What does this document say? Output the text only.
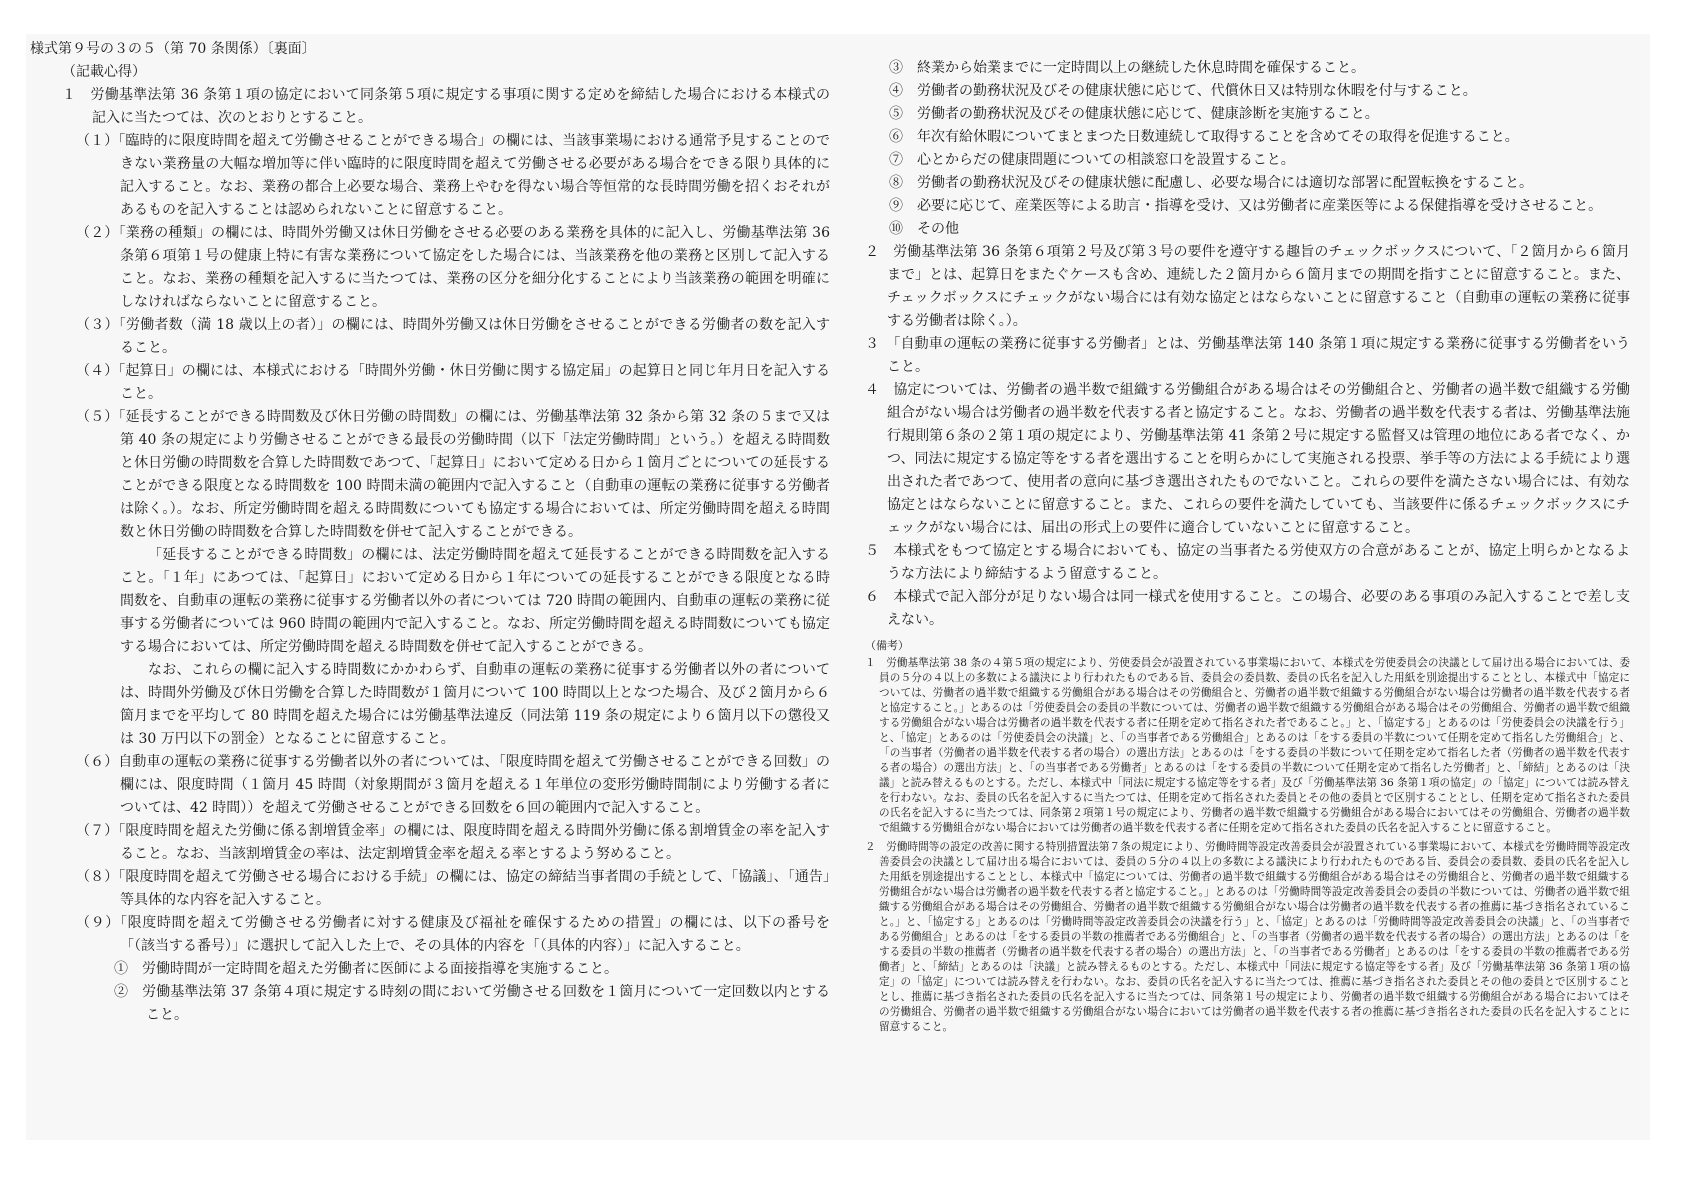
様式第９号の３の５（第 70 条関係）〔裏面〕

（記載心得）

１　労働基準法第 36 条第１項の協定において同条第５項に規定する事項に関する定めを締結した場合における本様式の記入に当たつては、次のとおりとすること。

（１）「臨時的に限度時間を超えて労働させることができる場合」の欄には、当該事業場における通常予見することのできない業務量の大幅な増加等に伴い臨時的に限度時間を超えて労働させる必要がある場合をできる限り具体的に記入すること。なお、業務の都合上必要な場合、業務上やむを得ない場合等恒常的な長時間労働を招くおそれがあるものを記入することは認められないことに留意すること。

（２）「業務の種類」の欄には、時間外労働又は休日労働をさせる必要のある業務を具体的に記入し、労働基準法第 36 条第６項第１号の健康上特に有害な業務について協定をした場合には、当該業務を他の業務と区別して記入すること。なお、業務の種類を記入するに当たつては、業務の区分を細分化することにより当該業務の範囲を明確にしなければならないことに留意すること。

（３）「労働者数（満 18 歳以上の者）」の欄には、時間外労働又は休日労働をさせることができる労働者の数を記入すること。

（４）「起算日」の欄には、本様式における「時間外労働・休日労働に関する協定届」の起算日と同じ年月日を記入すること。

（５）「延長することができる時間数及び休日労働の時間数」の欄には、労働基準法第 32 条から第 32 条の５まで又は第 40 条の規定により労働させることができる最長の労働時間（以下「法定労働時間」という。）を超える時間数と休日労働の時間数を合算した時間数であつて、「起算日」において定める日から１箇月ごとについての延長することができる限度となる時間数を 100 時間未満の範囲内で記入すること（自動車の運転の業務に従事する労働者は除く。）。なお、所定労働時間を超える時間数についても協定する場合においては、所定労働時間を超える時間数と休日労働の時間数を合算した時間数を併せて記入することができる。

「延長することができる時間数」の欄には、法定労働時間を超えて延長することができる時間数を記入すること。「１年」にあつては、「起算日」において定める日から１年についての延長することができる限度となる時間数を、自動車の運転の業務に従事する労働者以外の者については 720 時間の範囲内、自動車の運転の業務に従事する労働者については 960 時間の範囲内で記入すること。なお、所定労働時間を超える時間数についても協定する場合においては、所定労働時間を超える時間数を併せて記入することができる。

なお、これらの欄に記入する時間数にかかわらず、自動車の運転の業務に従事する労働者以外の者については、時間外労働及び休日労働を合算した時間数が１箇月について 100 時間以上となつた場合、及び２箇月から６箇月までを平均して 80 時間を超えた場合には労働基準法違反（同法第 119 条の規定により６箇月以下の懲役又は 30 万円以下の罰金）となることに留意すること。

（６）自動車の運転の業務に従事する労働者以外の者については、「限度時間を超えて労働させることができる回数」の欄には、限度時間（１箇月 45 時間（対象期間が３箇月を超える１年単位の変形労働時間制により労働する者については、42 時間））を超えて労働させることができる回数を６回の範囲内で記入すること。

（７）「限度時間を超えた労働に係る割増賃金率」の欄には、限度時間を超える時間外労働に係る割増賃金の率を記入すること。なお、当該割増賃金の率は、法定割増賃金率を超える率とするよう努めること。

（８）「限度時間を超えて労働させる場合における手続」の欄には、協定の締結当事者間の手続として、「協議」、「通告」等具体的な内容を記入すること。

（９）「限度時間を超えて労働させる労働者に対する健康及び福祉を確保するための措置」の欄には、以下の番号を「（該当する番号）」に選択して記入した上で、その具体的内容を「（具体的内容）」に記入すること。

①　労働時間が一定時間を超えた労働者に医師による面接指導を実施すること。

②　労働基準法第 37 条第４項に規定する時刻の間において労働させる回数を１箇月について一定回数以内とすること。

③　終業から始業までに一定時間以上の継続した休息時間を確保すること。

④　労働者の勤務状況及びその健康状態に応じて、代償休日又は特別な休暇を付与すること。

⑤　労働者の勤務状況及びその健康状態に応じて、健康診断を実施すること。

⑥　年次有給休暇についてまとまつた日数連続して取得することを含めてその取得を促進すること。

⑦　心とからだの健康問題についての相談窓口を設置すること。

⑧　労働者の勤務状況及びその健康状態に配慮し、必要な場合には適切な部署に配置転換をすること。

⑨　必要に応じて、産業医等による助言・指導を受け、又は労働者に産業医等による保健指導を受けさせること。

⑩　その他

２　労働基準法第 36 条第６項第２号及び第３号の要件を遵守する趣旨のチェックボックスについて、「２箇月から６箇月まで」とは、起算日をまたぐケースも含め、連続した２箇月から６箇月までの期間を指すことに留意すること。また、チェックボックスにチェックがない場合には有効な協定とはならないことに留意すること（自動車の運転の業務に従事する労働者は除く。）。

３　「自動車の運転の業務に従事する労働者」とは、労働基準法第 140 条第１項に規定する業務に従事する労働者をいうこと。

４　協定については、労働者の過半数で組織する労働組合がある場合はその労働組合と、労働者の過半数で組織する労働組合がない場合は労働者の過半数を代表する者と協定すること。なお、労働者の過半数を代表する者は、労働基準法施行規則第６条の２第１項の規定により、労働基準法第 41 条第２号に規定する監督又は管理の地位にある者でなく、かつ、同法に規定する協定等をする者を選出することを明らかにして実施される投票、挙手等の方法による手続により選出された者であつて、使用者の意向に基づき選出されたものでないこと。これらの要件を満たさない場合には、有効な協定とはならないことに留意すること。また、これらの要件を満たしていても、当該要件に係るチェックボックスにチェックがない場合には、届出の形式上の要件に適合していないことに留意すること。

５　本様式をもつて協定とする場合においても、協定の当事者たる労使双方の合意があることが、協定上明らかとなるような方法により締結するよう留意すること。

６　本様式で記入部分が足りない場合は同一様式を使用すること。この場合、必要のある事項のみ記入することで差し支えない。

（備考）

１　労働基準法第 38 条の４第５項の規定により、労使委員会が設置されている事業場において、本様式を労使委員会の決議として届け出る場合においては、委員の５分の４以上の多数による議決により行われたものである旨、委員会の委員数、委員の氏名を記入した用紙を別途提出することとし、本様式中「協定については、労働者の過半数で組織する労働組合がある場合はその労働組合と、労働者の過半数で組織する労働組合がない場合は労働者の過半数を代表する者と協定すること。」とあるのは「労使委員会の委員の半数については、労働者の過半数で組織する労働組合がある場合はその労働組合、労働者の過半数で組織する労働組合がない場合は労働者の過半数を代表する者に任期を定めて指名された者であること。」と、「協定する」とあるのは「労使委員会の決議を行う」と、「協定」とあるのは「労使委員会の決議」と、「の当事者である労働組合」とあるのは「をする委員の半数について任期を定めて指名した労働組合」と、「の当事者（労働者の過半数を代表する者の場合）の選出方法」とあるのは「をする委員の半数について任期を定めて指名した者（労働者の過半数を代表する者の場合）の選出方法」と、「の当事者である労働者」とあるのは「をする委員の半数について任期を定めて指名した労働者」と、「締結」とあるのは「決議」と読み替えるものとする。ただし、本様式中「同法に規定する協定等をする者」及び「労働基準法第 36 条第１項の協定」の「協定」については読み替えを行わない。なお、委員の氏名を記入するに当たつては、任期を定めて指名された委員とその他の委員とで区別することとし、任期を定めて指名された委員の氏名を記入するに当たつては、同条第２項第１号の規定により、労働者の過半数で組織する労働組合がある場合においてはその労働組合、労働者の過半数で組織する労働組合がない場合においては労働者の過半数を代表する者に任期を定めて指名された委員の氏名を記入することに留意すること。

２　労働時間等の設定の改善に関する特別措置法第７条の規定により、労働時間等設定改善委員会が設置されている事業場において、本様式を労働時間等設定改善委員会の決議として届け出る場合においては、委員の５分の４以上の多数による議決により行われたものである旨、委員会の委員数、委員の氏名を記入した用紙を別途提出することとし、本様式中「協定については、労働者の過半数で組織する労働組合がある場合はその労働組合と、労働者の過半数で組織する労働組合がない場合は労働者の過半数を代表する者と協定すること。」とあるのは「労働時間等設定改善委員会の委員の半数については、労働者の過半数で組織する労働組合がある場合はその労働組合、労働者の過半数で組織する労働組合がない場合は労働者の過半数を代表する者の推薦に基づき指名されていること。」と、「協定する」とあるのは「労働時間等設定改善委員会の決議を行う」と、「協定」とあるのは「労働時間等設定改善委員会の決議」と、「の当事者である労働組合」とあるのは「をする委員の半数の推薦者である労働組合」と、「の当事者（労働者の過半数を代表する者の場合）の選出方法」とあるのは「をする委員の半数の推薦者（労働者の過半数を代表する者の場合）の選出方法」と、「の当事者である労働者」とあるのは「をする委員の半数の推薦者である労働者」と、「締結」とあるのは「決議」と読み替えるものとする。ただし、本様式中「同法に規定する協定等をする者」及び「労働基準法第 36 条第１項の協定」の「協定」については読み替えを行わない。なお、委員の氏名を記入するに当たつては、推薦に基づき指名された委員とその他の委員とで区別することとし、推薦に基づき指名された委員の氏名を記入するに当たつては、同条第１号の規定により、労働者の過半数で組織する労働組合がある場合においてはその労働組合、労働者の過半数で組織する労働組合がない場合においては労働者の過半数を代表する者の推薦に基づき指名された委員の氏名を記入することに留意すること。
